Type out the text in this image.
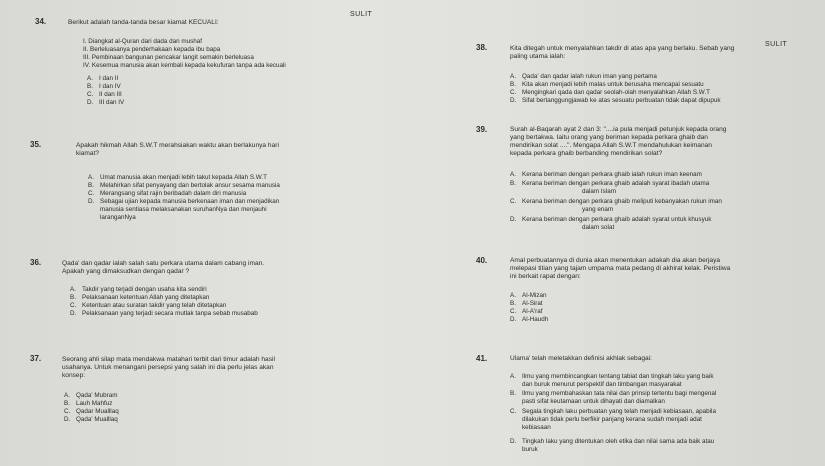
SULIT
SULIT
34.	Berikut adalah tanda-tanda besar kiamat KECUALI:
I. Diangkat al-Quran dari dada dan mushaf
II. Berleluasanya penderhakaan kepada ibu bapa
III. Pembinaan bangunan pencakar langit semakin berleluasa
IV. Kesemua manusia akan kembali kepada kekufuran tanpa ada kecuali
A. I dan II
B. I dan IV
C. II dan III
D. III dan IV
35.	Apakah hikmah Allah S.W.T merahsiakan waktu akan berlakunya hari
kiamat?
A. Umat manusia akan menjadi lebih takut kepada Allah S.W.T
B. Melahirkan sifat penyayang dan bertolak ansur sesama manusia
C. Merangsang sifat rajin beribadah dalam diri manusia
D. Sebagai ujian kepada manusia berkenaan iman dan menjadikan
manusia sentiasa melaksanakan suruhanNya dan menjauhi
laranganNya
36.	Qada' dan qadar ialah salah satu perkara utama dalam cabang iman.
Apakah yang dimaksudkan dengan qadar ?
A. Takdir yang terjadi dengan usaha kita sendiri
B. Pelaksanaan ketentuan Allah yang ditetapkan
C. Ketentuan atau suratan takdir yang telah ditetapkan
D. Pelaksanaan yang terjadi secara mutlak tanpa sebab musabab
37.	Seorang ahli silap mata mendakwa matahari terbit dari timur adalah hasil
usahanya. Untuk menangani persepsi yang salah ini dia perlu jelas akan
konsep:
A. Qada' Mubram
B. Lauh Mahfuz
C. Qadar Mualllaq
D. Qada' Mualllaq
38.	Kita ditegah untuk menyalahkan takdir di atas apa yang berlaku. Sebab yang
paling utama ialah:
A. Qada' dan qadar ialah rukun iman yang pertama
B. Kita akan menjadi lebih malas untuk berusaha mencapai sesuatu
C. Mengingkari qada dan qadar seolah-olah menyalahkan Allah S.W.T
D. Sifat bertanggungjawab ke atas sesuatu perbuatan tidak dapat dipupuk
39.	Surah al-Baqarah ayat 2 dan 3: "....ia pula menjadi petunjuk kepada orang
yang bertakwa. Iaitu orang yang beriman kepada perkara ghaib dan
mendirikan solat ....". Mengapa Allah S.W.T mendahulukan keimanan
kepada perkara ghaib berbanding mendirikan solat?
A. Kerana beriman dengan perkara ghaib ialah rukun iman keenam
B. Kerana beriman dengan perkara ghaib adalah syarat ibadah utama
dalam Islam
C. Kerana beriman dengan perkara ghaib meliputi kebanyakan rukun iman
yang enam
D. Kerana beriman dengan perkara ghaib adalah syarat untuk khusyuk
dalam solat
40.	Amal perbuatannya di dunia akan menentukan adakah dia akan berjaya
melepasi titian yang tajam umpama mata pedang di akhirat kelak. Peristiwa
ini berkait rapat dengan:
A. Al-Mizan
B. Al-Sirat
C. Al-A'raf
D. Al-Haudh
41.	Ulama' telah meletakkan definisi akhlak sebagai:
A. Ilmu yang membincangkan tentang tabiat dan tingkah laku yang baik
dan buruk menurut perspektif dan timbangan masyarakat
B. Ilmu yang membahaskan tata nilai dan prinsip tertentu bagi mengenal
pasti sifat keutamaan untuk dihayati dan diamalkan
C. Segala tingkah laku perbuatan yang telah menjadi kebiasaan, apabila
dilakukan tidak perlu berfikir panjang kerana sudah menjadi adat
kebiasaan
D. Tingkah laku yang ditentukan oleh etika dan nilai sama ada baik atau
buruk
